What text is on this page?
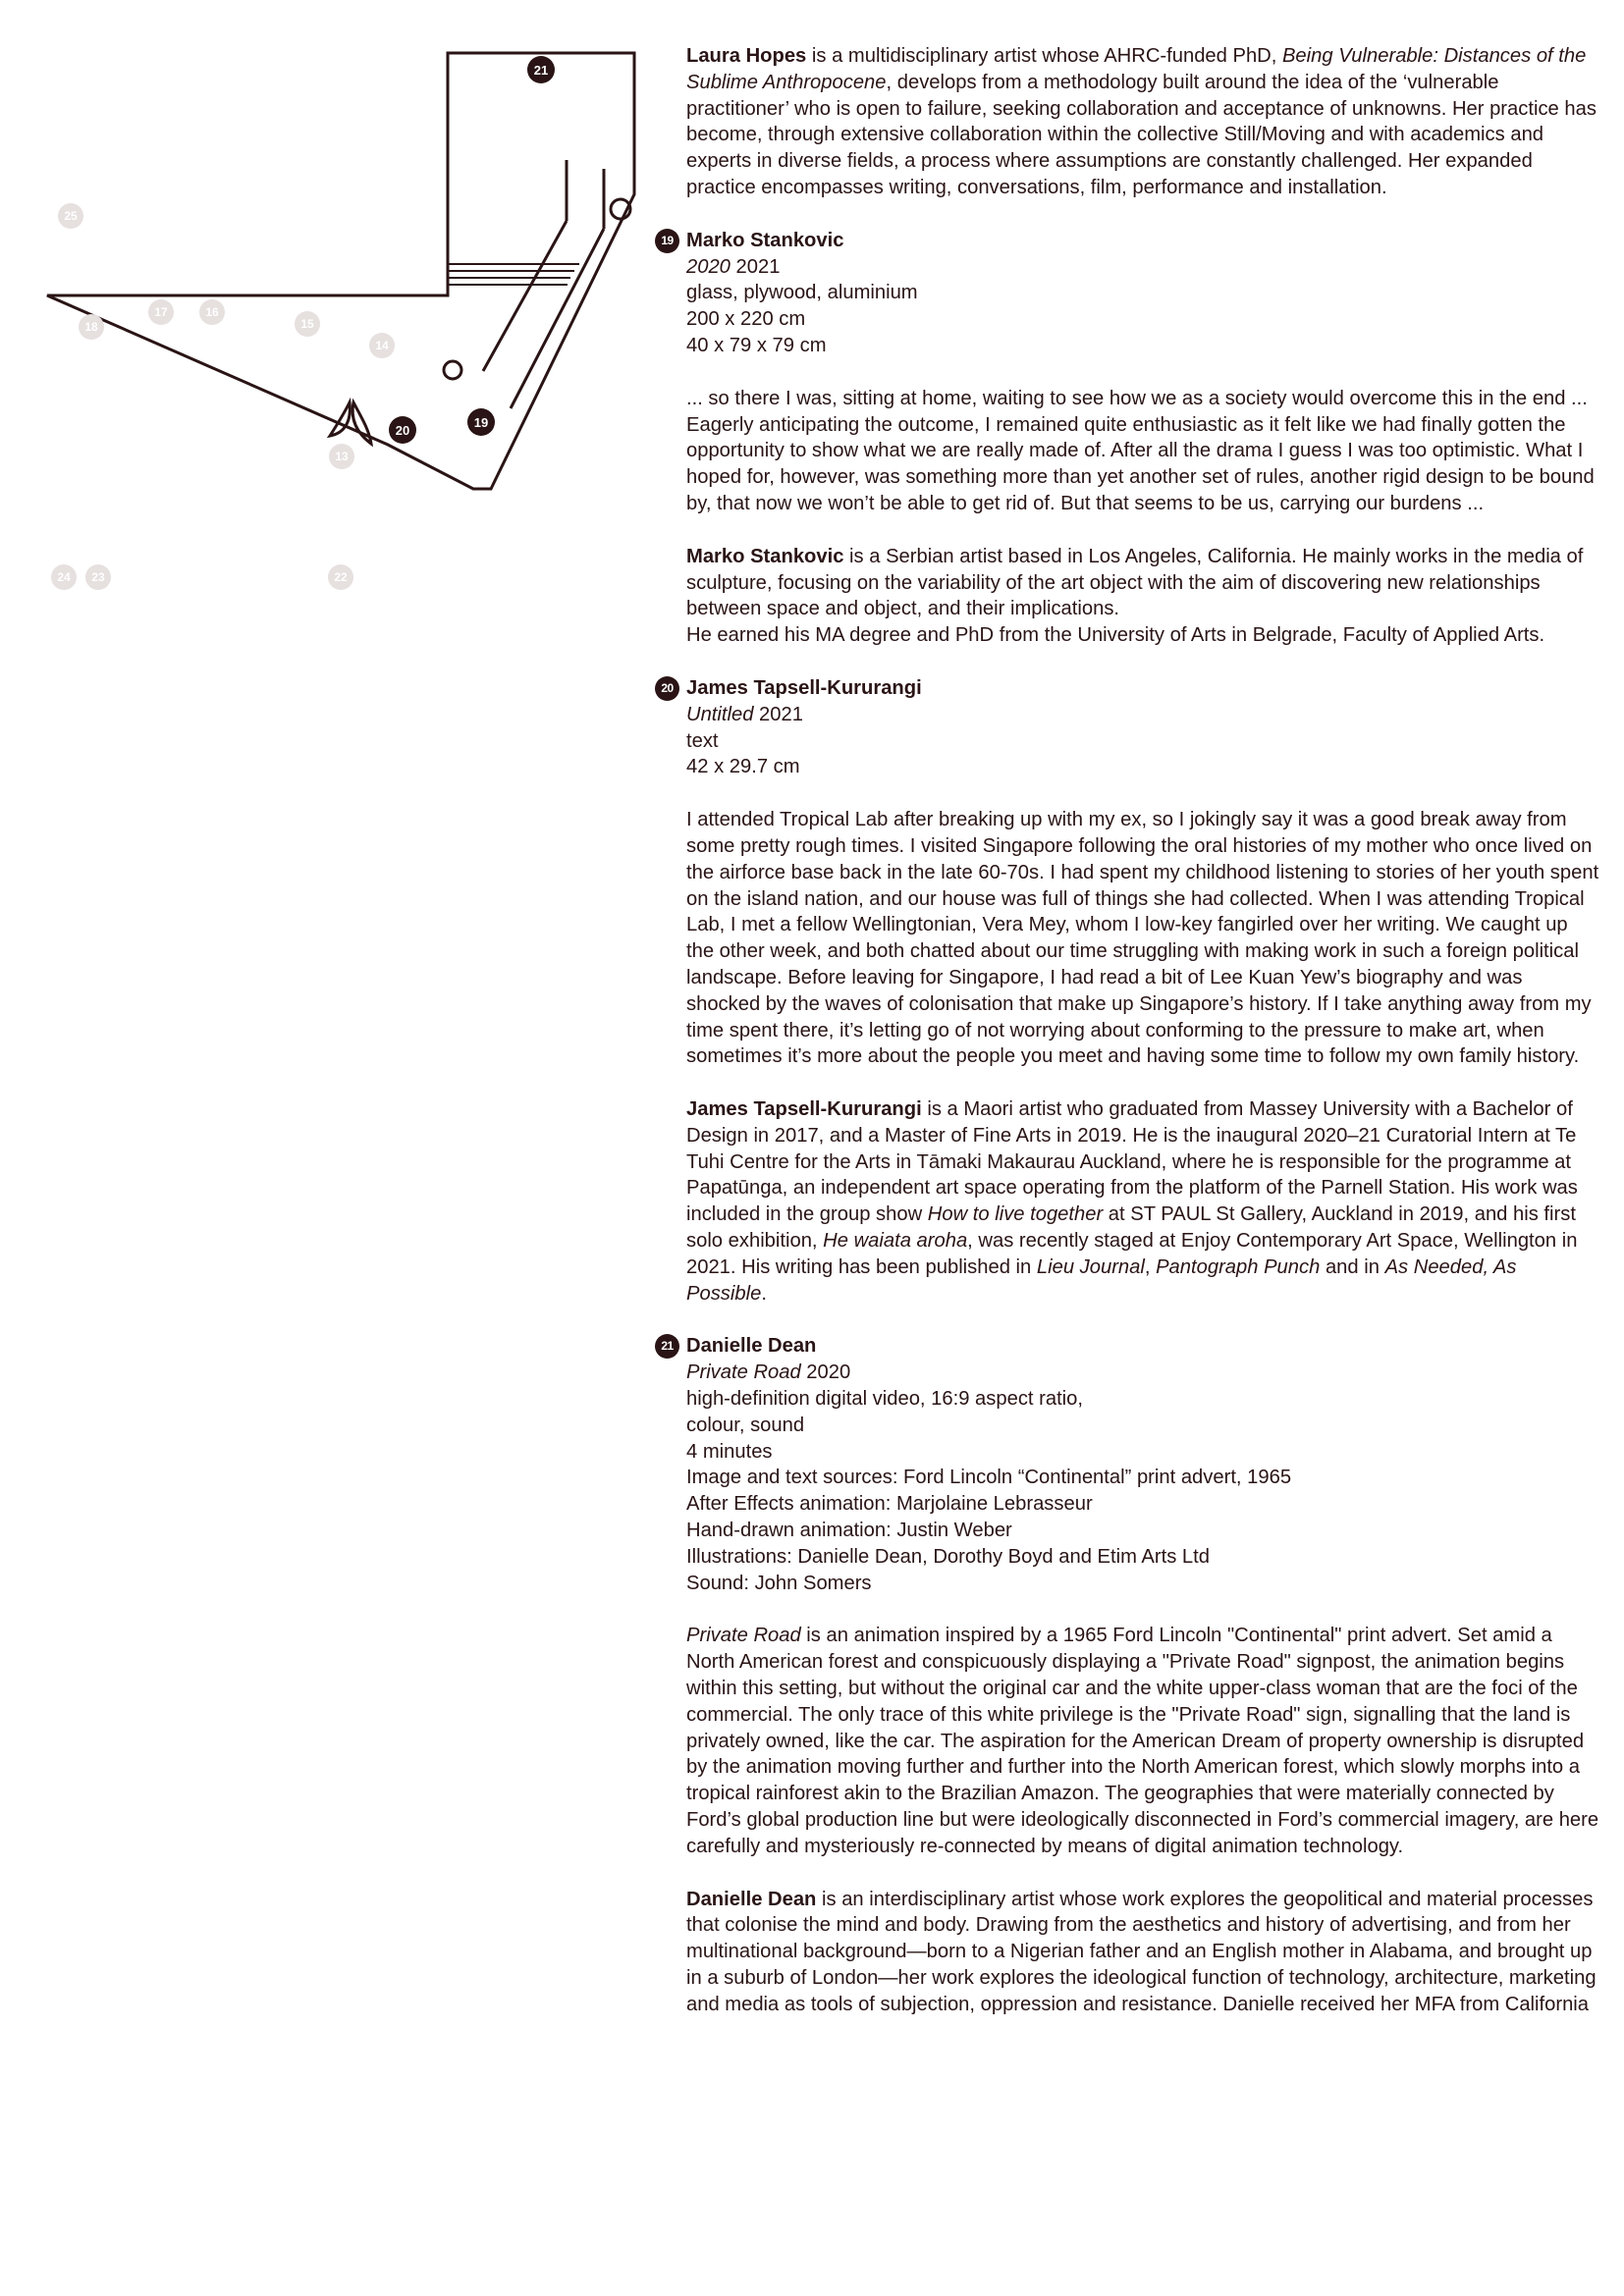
25
18
17	16
15
14
13
24 23	22
21
19
20

Laura Hopes is a multidisciplinary artist whose AHRC-funded PhD, Being Vulnerable: Distances of the Sublime Anthropocene, develops from a methodology built around the idea of the ‘vulnerable practitioner’ who is open to failure, seeking collaboration and acceptance of unknowns. Her practice has become, through extensive collaboration within the collective Still/Moving and with academics and experts in diverse fields, a process where assumptions are constantly challenged. Her expanded practice encompasses writing, conversations, film, performance and installation.

19 Marko Stankovic

2020 2021

glass, plywood, aluminium

200 x 220 cm

40 x 79 x 79 cm

... so there I was, sitting at home, waiting to see how we as a society would overcome this in the end ... Eagerly anticipating the outcome, I remained quite enthusiastic as it felt like we had finally gotten the opportunity to show what we are really made of. After all the drama I guess I was too optimistic. What I hoped for, however, was something more than yet another set of rules, another rigid design to be bound by, that now we won’t be able to get rid of. But that seems to be us, carrying our burdens ...

Marko Stankovic is a Serbian artist based in Los Angeles, California. He mainly works in the media of sculpture, focusing on the variability of the art object with the aim of discovering new relationships between space and object, and their implications.

He earned his MA degree and PhD from the University of Arts in Belgrade, Faculty of Applied Arts.

20 James Tapsell-Kururangi

Untitled 2021

text

42 x 29.7 cm

I attended Tropical Lab after breaking up with my ex, so I jokingly say it was a good break away from some pretty rough times. I visited Singapore following the oral histories of my mother who once lived on the airforce base back in the late 60-70s. I had spent my childhood listening to stories of her youth spent on the island nation, and our house was full of things she had collected. When I was attending Tropical Lab, I met a fellow Wellingtonian, Vera Mey, whom I low-key fangirled over her writing. We caught up the other week, and both chatted about our time struggling with making work in such a foreign political landscape. Before leaving for Singapore, I had read a bit of Lee Kuan Yew’s biography and was shocked by the waves of colonisation that make up Singapore’s history. If I take anything away from my time spent there, it’s letting go of not worrying about conforming to the pressure to make art, when sometimes it’s more about the people you meet and having some time to follow my own family history.

James Tapsell-Kururangi is a Maori artist who graduated from Massey University with a Bachelor of Design in 2017, and a Master of Fine Arts in 2019. He is the inaugural 2020–21 Curatorial Intern at Te Tuhi Centre for the Arts in Tāmaki Makaurau Auckland, where he is responsible for the programme at Papatūnga, an independent art space operating from the platform of the Parnell Station. His work was included in the group show How to live together at ST PAUL St Gallery, Auckland in 2019, and his first solo exhibition, He waiata aroha, was recently staged at Enjoy Contemporary Art Space, Wellington in 2021. His writing has been published in Lieu Journal, Pantograph Punch and in As Needed, As Possible.

21 Danielle Dean

Private Road 2020

high-definition digital video, 16:9 aspect ratio,

colour, sound

4 minutes

Image and text sources: Ford Lincoln “Continental” print advert, 1965

After Effects animation: Marjolaine Lebrasseur

Hand-drawn animation: Justin Weber

Illustrations: Danielle Dean, Dorothy Boyd and Etim Arts Ltd

Sound: John Somers

Private Road is an animation inspired by a 1965 Ford Lincoln "Continental" print advert. Set amid a North American forest and conspicuously displaying a "Private Road" signpost, the animation begins within this setting, but without the original car and the white upper-class woman that are the foci of the commercial. The only trace of this white privilege is the "Private Road" sign, signalling that the land is privately owned, like the car. The aspiration for the American Dream of property ownership is disrupted by the animation moving further and further into the North American forest, which slowly morphs into a tropical rainforest akin to the Brazilian Amazon. The geographies that were materially connected by Ford’s global production line but were ideologically disconnected in Ford’s commercial imagery, are here carefully and mysteriously re-connected by means of digital animation technology.

Danielle Dean is an interdisciplinary artist whose work explores the geopolitical and material processes that colonise the mind and body. Drawing from the aesthetics and history of advertising, and from her multinational background—born to a Nigerian father and an English mother in Alabama, and brought up in a suburb of London—her work explores the ideological function of technology, architecture, marketing and media as tools of subjection, oppression and resistance. Danielle received her MFA from California
